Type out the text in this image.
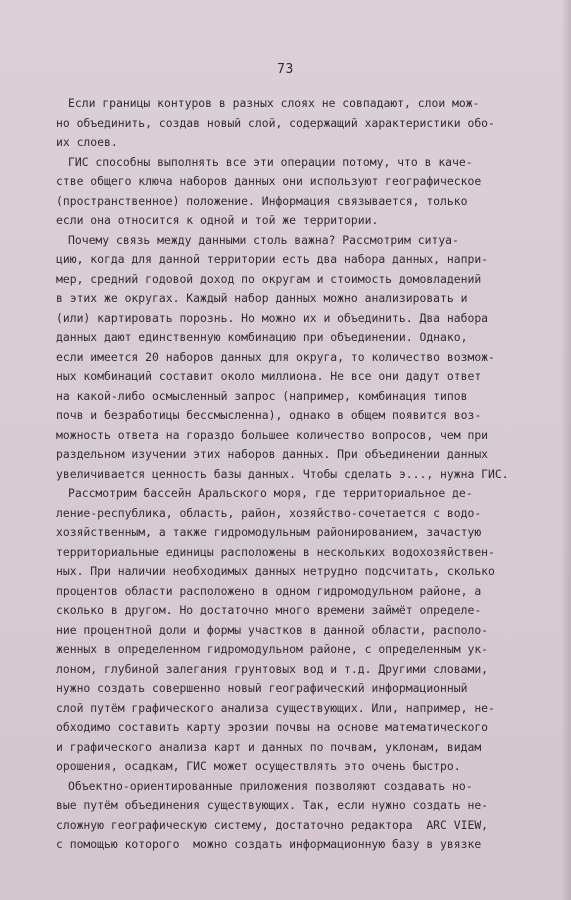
73
Если границы контуров в разных слоях не совпадают, слои мож-
но объединить, создав новый слой, содержащий характеристики обо-
их слоев.
ГИС способны выполнять все эти операции потому, что в качe-
стве общего ключа наборов данных они используют географическое
(пространственное) положение. Информация связывается, только
если она относится к одной и той же территории.
Почему связь между данными столь важна? Рассмотрим ситуа-
цию, когда для данной территории есть два набора данных, напри-
мер, средний годовой доход по округам и стоимость домовладений
в этих же округах. Каждый набор данных можно анализировать и
(или) картировать порознь. Но можно их и объединить. Два набора
данных дают единственную комбинацию при объединении. Однако,
если имеется 20 наборов данных для округа, то количество возмож-
ных комбинаций составит около миллиона. Не все они дадут ответ
на какой-либо осмысленный запрос (например, комбинация типов
почв и безработицы бессмысленна), однако в общем появится воз-
можность ответа на гораздо большее количество вопросов, чем при
раздельном изучении этих наборов данных. При объединении данных
увеличивается ценность базы данных. Чтобы сделать э..., нужна ГИС.
Рассмотрим бассейн Аральского моря, где территориальное де-
ление-республика, область, район, хозяйство-сочетается с водо-
хозяйственным, а также гидромодульным районированием, зачастую
территориальные единицы расположены в нескольких водохозяйствен-
ных. При наличии необходимых данных нетрудно подсчитать, сколько
процентов области расположено в одном гидромодульном районе, а
сколько в другом. Но достаточно много времени займёт определе-
ние процентной доли и формы участков в данной области, располо-
женных в определенном гидромодульном районе, с определенным ук-
лоном, глубиной залегания грунтовых вод и т.д. Другими словами,
нужно создать совершенно новый географический информационный
слой путём графического анализа существующих. Или, например, не-
обходимо составить карту эрозии почвы на основе математического
и графического анализа карт и данных по почвам, уклонам, видам
орошения, осадкам, ГИС может осуществлять это очень быстро.
Объектно-ориентированные приложения позволяют создавать но-
вые путём объединения существующих. Так, если нужно создать не-
сложную географическую систему, достаточно редактора  ARC VIEW,
с помощью которого  можно создать информационную базу в увязке
